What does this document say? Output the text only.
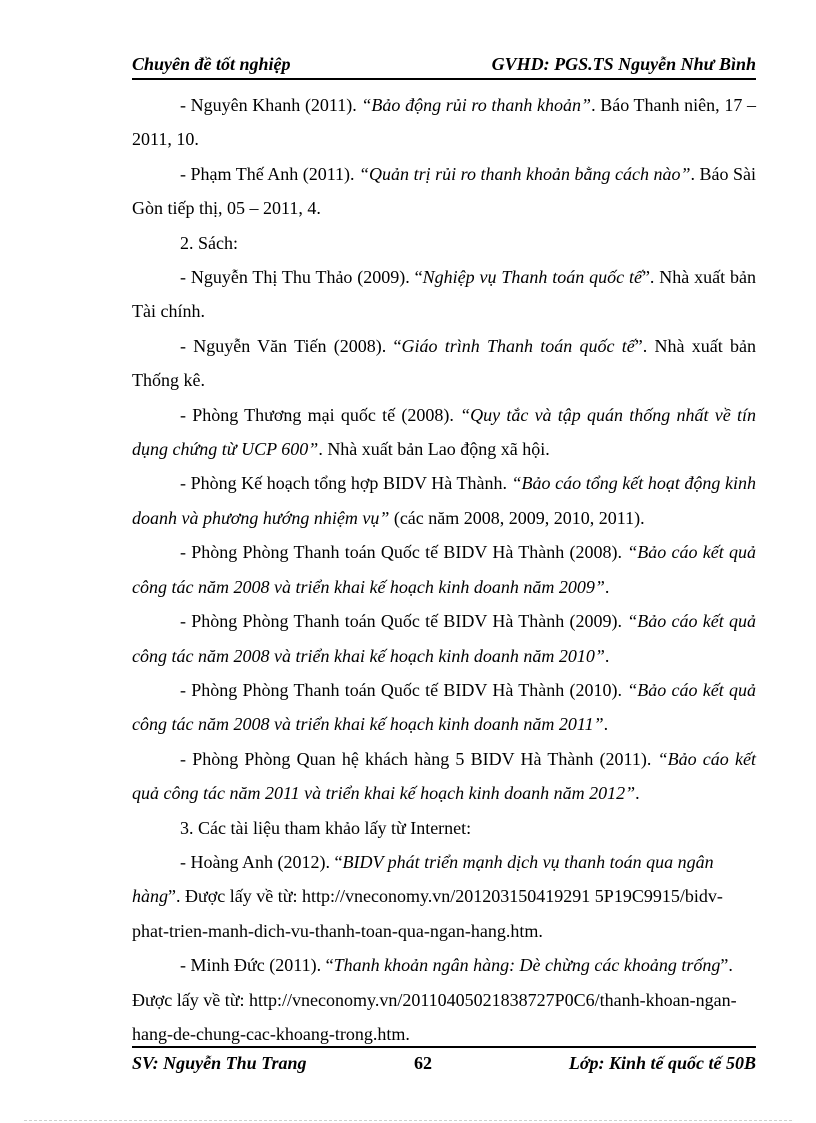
Chuyên đề tốt nghiệp	GVHD: PGS.TS Nguyễn Như Bình

- Nguyên Khanh (2011). “Bảo động rủi ro thanh khoản”. Báo Thanh niên, 17 – 2011, 10.

- Phạm Thế Anh (2011). “Quản trị rủi ro thanh khoản bằng cách nào”. Báo Sài Gòn tiếp thị, 05 – 2011, 4.

2. Sách:

- Nguyễn Thị Thu Thảo (2009). “Nghiệp vụ Thanh toán quốc tế”. Nhà xuất bản Tài chính.

- Nguyễn Văn Tiến (2008). “Giáo trình Thanh toán quốc tế”. Nhà xuất bản Thống kê.

- Phòng Thương mại quốc tế (2008). “Quy tắc và tập quán thống nhất về tín dụng chứng từ UCP 600”. Nhà xuất bản Lao động xã hội.

- Phòng Kế hoạch tổng hợp BIDV Hà Thành. “Bảo cáo tổng kết hoạt động kinh doanh và phương hướng nhiệm vụ” (các năm 2008, 2009, 2010, 2011).

- Phòng Phòng Thanh toán Quốc tế BIDV Hà Thành (2008). “Bảo cáo kết quả công tác năm 2008 và triển khai kế hoạch kinh doanh năm 2009”.

- Phòng Phòng Thanh toán Quốc tế BIDV Hà Thành (2009). “Bảo cáo kết quả công tác năm 2008 và triển khai kế hoạch kinh doanh năm 2010”.

- Phòng Phòng Thanh toán Quốc tế BIDV Hà Thành (2010). “Bảo cáo kết quả công tác năm 2008 và triển khai kế hoạch kinh doanh năm 2011”.

- Phòng Phòng Quan hệ khách hàng 5 BIDV Hà Thành (2011). “Bảo cáo kết quả công tác năm 2011 và triển khai kế hoạch kinh doanh năm 2012”.

3. Các tài liệu tham khảo lấy từ Internet:

- Hoàng Anh (2012). “BIDV phát triển mạnh dịch vụ thanh toán qua ngân hàng”. Được lấy về từ: http://vneconomy.vn/201203150419291 5P19C9915/bidv-phat-trien-manh-dich-vu-thanh-toan-qua-ngan-hang.htm.

- Minh Đức (2011). “Thanh khoản ngân hàng: Dè chừng các khoảng trống”. Được lấy về từ: http://vneconomy.vn/20110405021838727P0C6/thanh-khoan-ngan-hang-de-chung-cac-khoang-trong.htm.

SV: Nguyễn Thu Trang	62	Lớp: Kinh tế quốc tế 50B
